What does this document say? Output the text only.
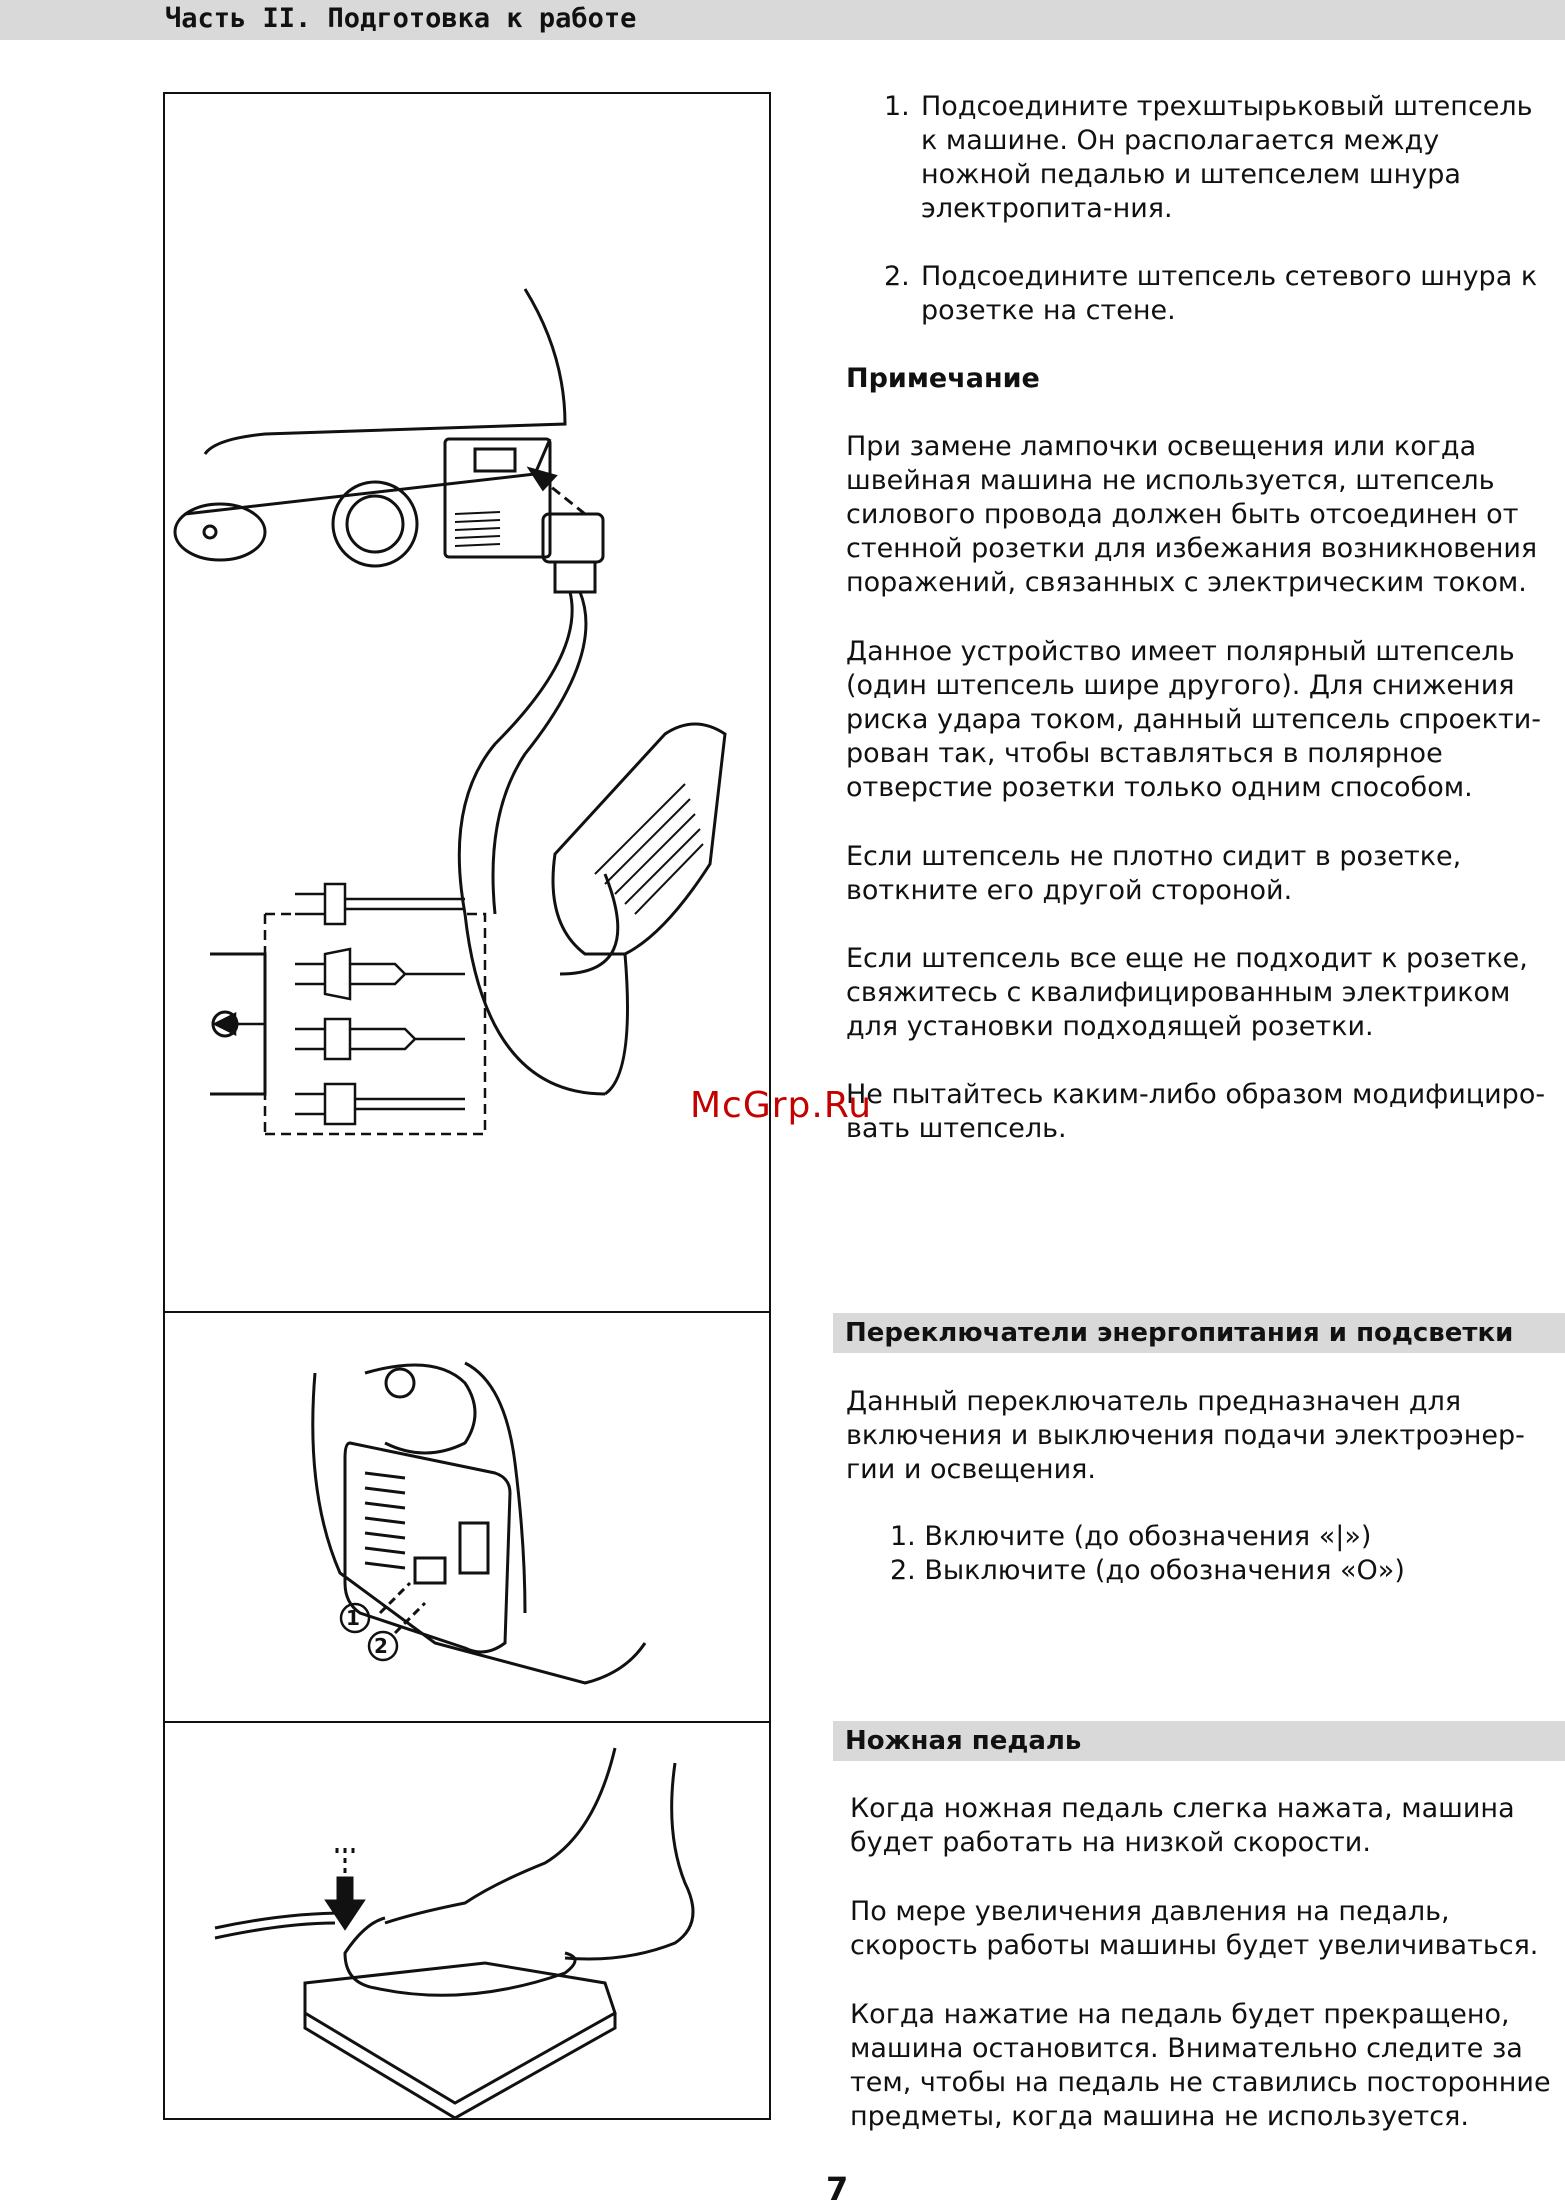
Часть II. Подготовка к работе
1
2
1. Подсоедините трехштырьковый штепсель к машине. Он располагается между ножной педалью и штепселем шнура электропита-ния.
2. Подсоедините штепсель сетевого шнура к розетке на стене.
Примечание
При замене лампочки освещения или когда швейная машина не используется, штепсель силового провода должен быть отсоединен от стенной розетки для избежания возникновения поражений, связанных с электрическим током.
Данное устройство имеет полярный штепсель (один штепсель шире другого). Для снижения риска удара током, данный штепсель спроекти-рован так, чтобы вставляться в полярное отверстие розетки только одним способом.
Если штепсель не плотно сидит в розетке, воткните его другой стороной.
Если штепсель все еще не подходит к розетке, свяжитесь с квалифицированным электриком для установки подходящей розетки.
Не пытайтесь каким-либо образом модифициро-вать штепсель.
McGrp.Ru
Переключатели энергопитания и подсветки
Данный переключатель предназначен для включения и выключения подачи электроэнер-гии и освещения.
1. Включите (до обозначения «|»)
2. Выключите (до обозначения «O»)
Ножная педаль
Когда ножная педаль слегка нажата, машина будет работать на низкой скорости.
По мере увеличения давления на педаль, скорость работы машины будет увеличиваться.
Когда нажатие на педаль будет прекращено, машина остановится. Внимательно следите за тем, чтобы на педаль не ставились посторонние предметы, когда машина не используется.
7
